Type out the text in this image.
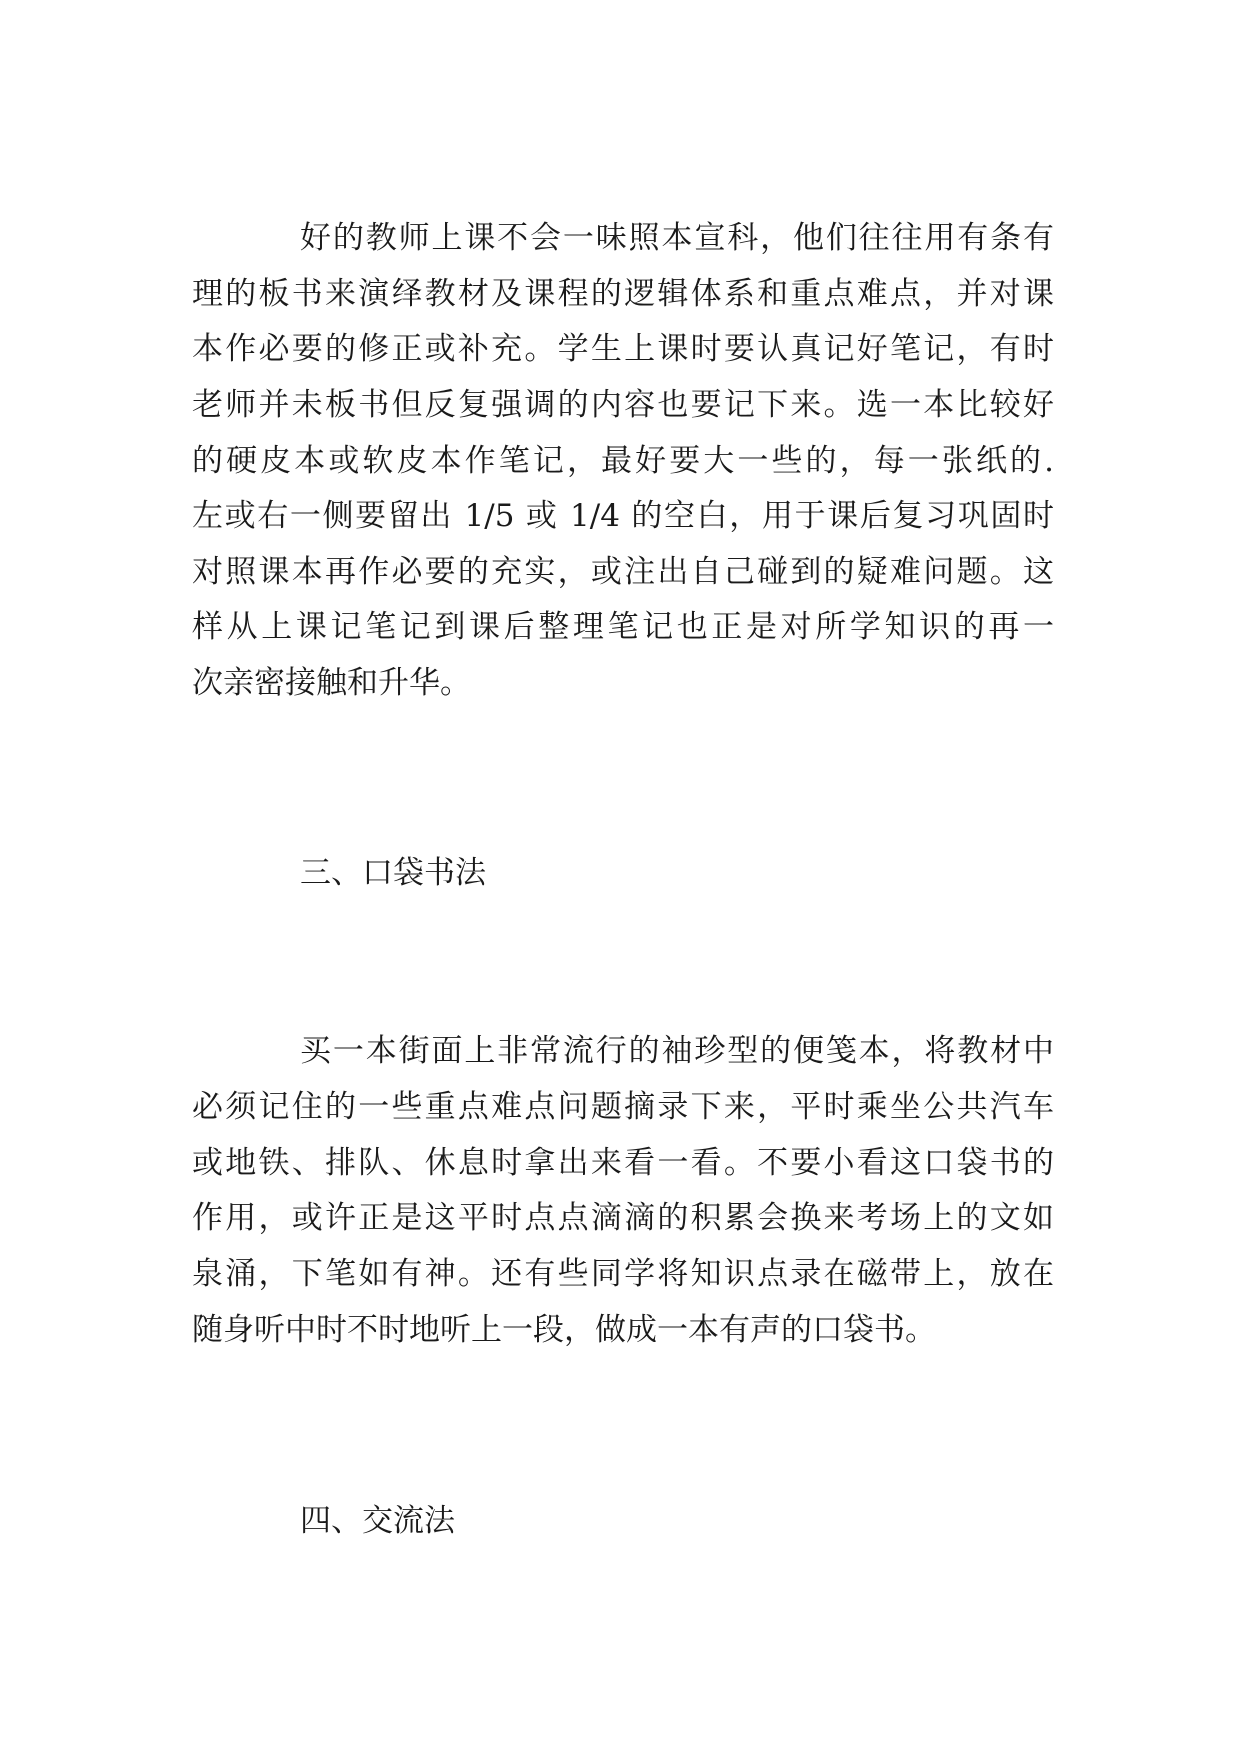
好的教师上课不会一味照本宣科，他们往往用有条有
理的板书来演绎教材及课程的逻辑体系和重点难点，并对课
本作必要的修正或补充。学生上课时要认真记好笔记，有时
老师并未板书但反复强调的内容也要记下来。选一本比较好
的硬皮本或软皮本作笔记，最好要大一些的，每一张纸的.
左或右一侧要留出 1/5 或 1/4 的空白，用于课后复习巩固时
对照课本再作必要的充实，或注出自己碰到的疑难问题。这
样从上课记笔记到课后整理笔记也正是对所学知识的再一
次亲密接触和升华。
三、口袋书法
买一本街面上非常流行的袖珍型的便笺本，将教材中
必须记住的一些重点难点问题摘录下来，平时乘坐公共汽车
或地铁、排队、休息时拿出来看一看。不要小看这口袋书的
作用，或许正是这平时点点滴滴的积累会换来考场上的文如
泉涌，下笔如有神。还有些同学将知识点录在磁带上，放在
随身听中时不时地听上一段，做成一本有声的口袋书。
四、交流法
